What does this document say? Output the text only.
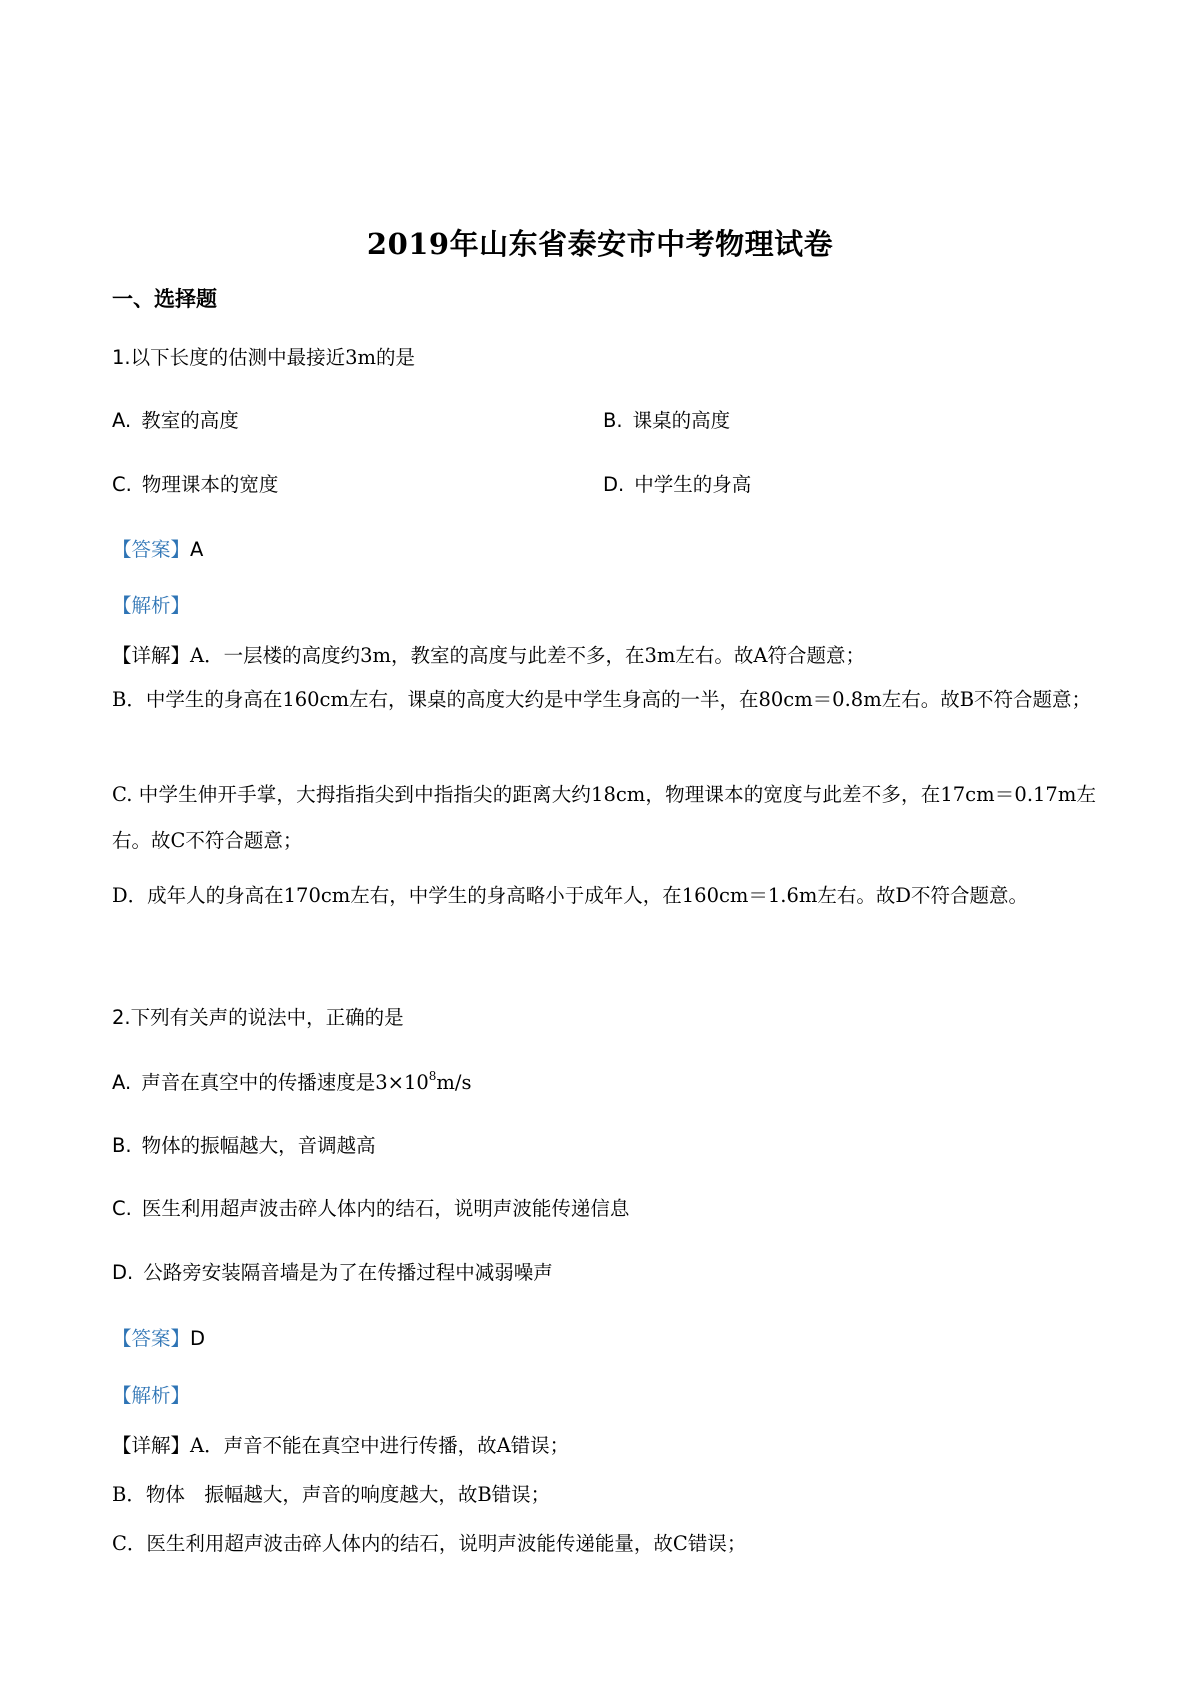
2019年山东省泰安市中考物理试卷
一、选择题
1.以下长度的估测中最接近3m的是
A. 教室的高度	B. 课桌的高度
C. 物理课本的宽度	D. 中学生的身高
【答案】A
【解析】
【详解】A．一层楼的高度约3m，教室的高度与此差不多，在3m左右。故A符合题意；
B．中学生的身高在160cm左右，课桌的高度大约是中学生身高的一半，在80cm＝0.8m左右。故B不符合题意；
C. 中学生伸开手掌，大拇指指尖到中指指尖的距离大约18cm，物理课本的宽度与此差不多，在17cm＝0.17m左右。故C不符合题意；
D．成年人的身高在170cm左右，中学生的身高略小于成年人，在160cm＝1.6m左右。故D不符合题意。
2.下列有关声的说法中，正确的是
A. 声音在真空中的传播速度是$3\times 10^8m/s$
B. 物体的振幅越大，音调越高
C. 医生利用超声波击碎人体内的结石，说明声波能传递信息
D. 公路旁安装隔音墙是为了在传播过程中减弱噪声
【答案】D
【解析】
【详解】A．声音不能在真空中进行传播，故A错误；
B．物体　振幅越大，声音的响度越大，故B错误；
C．医生利用超声波击碎人体内的结石，说明声波能传递能量，故C错误；
